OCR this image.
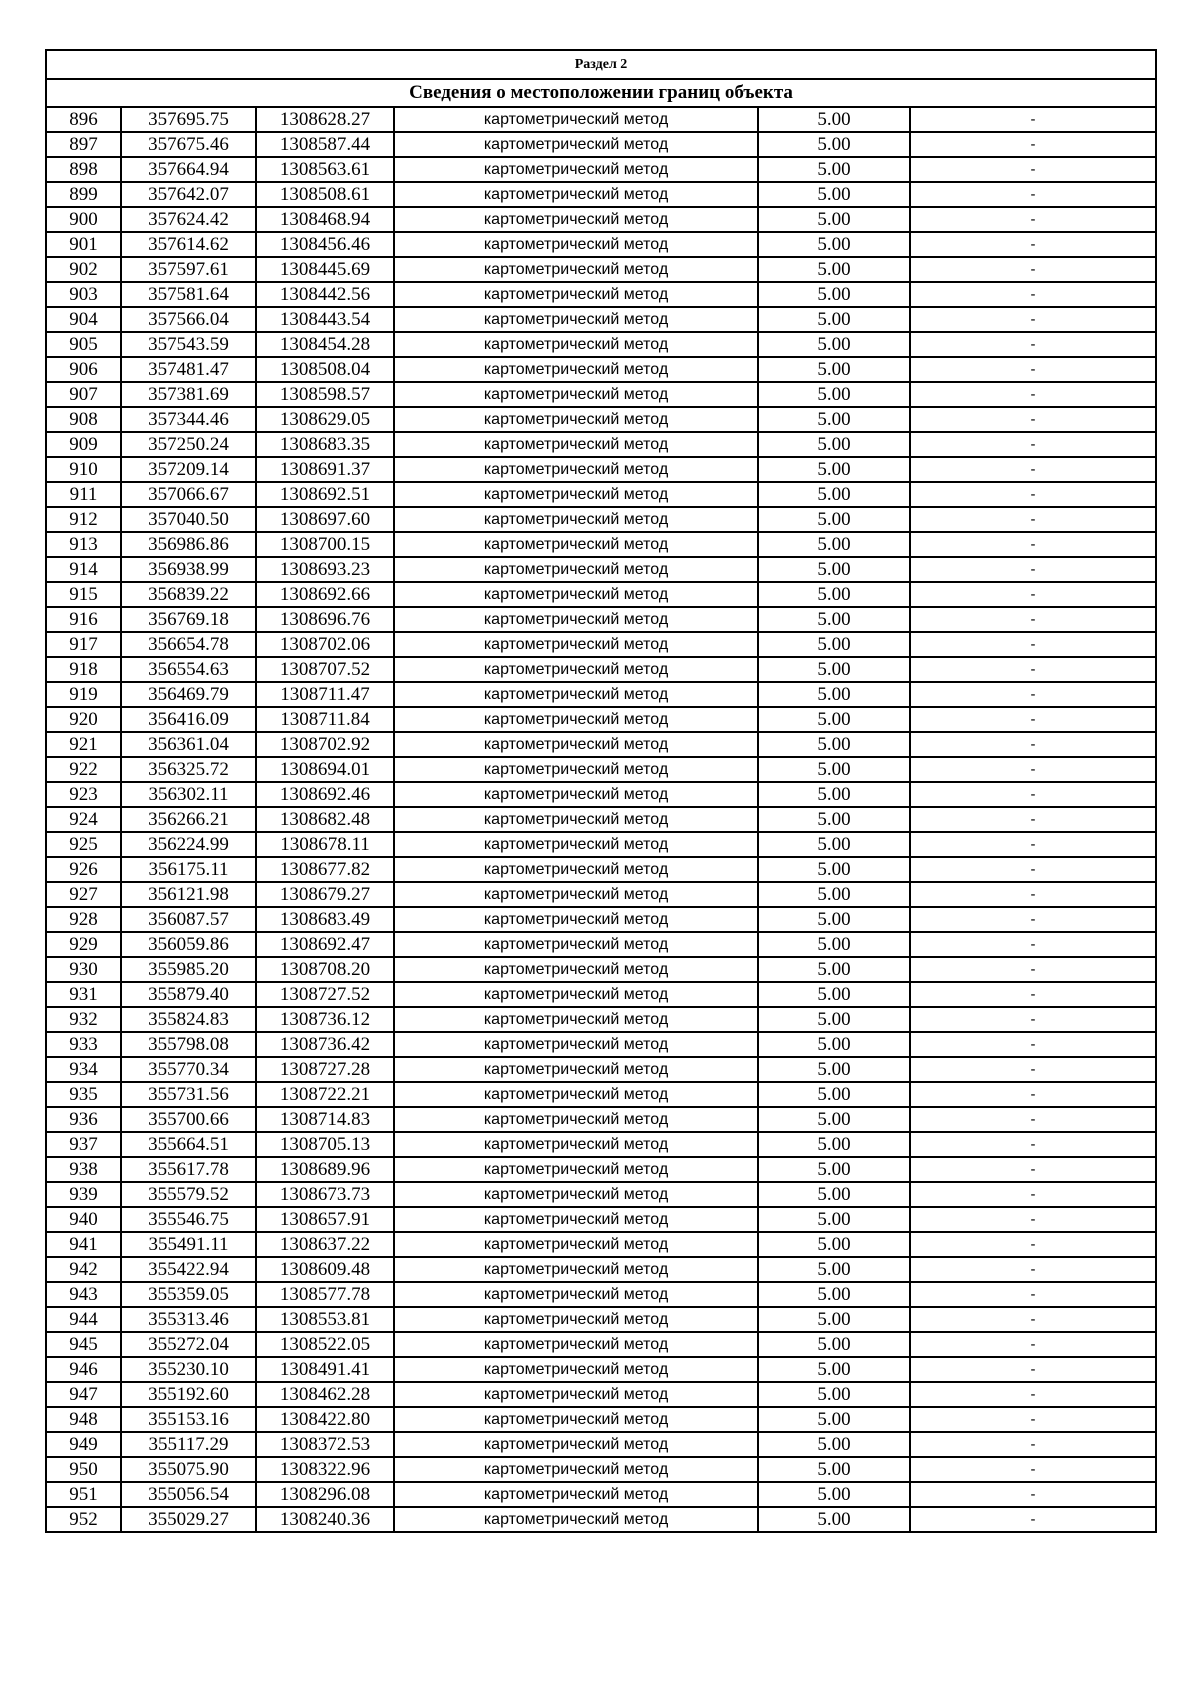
Раздел 2					
Сведения о местоположении границ объекта					
896	357695.75	1308628.27	картометрический метод	5.00	-
897	357675.46	1308587.44	картометрический метод	5.00	-
898	357664.94	1308563.61	картометрический метод	5.00	-
899	357642.07	1308508.61	картометрический метод	5.00	-
900	357624.42	1308468.94	картометрический метод	5.00	-
901	357614.62	1308456.46	картометрический метод	5.00	-
902	357597.61	1308445.69	картометрический метод	5.00	-
903	357581.64	1308442.56	картометрический метод	5.00	-
904	357566.04	1308443.54	картометрический метод	5.00	-
905	357543.59	1308454.28	картометрический метод	5.00	-
906	357481.47	1308508.04	картометрический метод	5.00	-
907	357381.69	1308598.57	картометрический метод	5.00	-
908	357344.46	1308629.05	картометрический метод	5.00	-
909	357250.24	1308683.35	картометрический метод	5.00	-
910	357209.14	1308691.37	картометрический метод	5.00	-
911	357066.67	1308692.51	картометрический метод	5.00	-
912	357040.50	1308697.60	картометрический метод	5.00	-
913	356986.86	1308700.15	картометрический метод	5.00	-
914	356938.99	1308693.23	картометрический метод	5.00	-
915	356839.22	1308692.66	картометрический метод	5.00	-
916	356769.18	1308696.76	картометрический метод	5.00	-
917	356654.78	1308702.06	картометрический метод	5.00	-
918	356554.63	1308707.52	картометрический метод	5.00	-
919	356469.79	1308711.47	картометрический метод	5.00	-
920	356416.09	1308711.84	картометрический метод	5.00	-
921	356361.04	1308702.92	картометрический метод	5.00	-
922	356325.72	1308694.01	картометрический метод	5.00	-
923	356302.11	1308692.46	картометрический метод	5.00	-
924	356266.21	1308682.48	картометрический метод	5.00	-
925	356224.99	1308678.11	картометрический метод	5.00	-
926	356175.11	1308677.82	картометрический метод	5.00	-
927	356121.98	1308679.27	картометрический метод	5.00	-
928	356087.57	1308683.49	картометрический метод	5.00	-
929	356059.86	1308692.47	картометрический метод	5.00	-
930	355985.20	1308708.20	картометрический метод	5.00	-
931	355879.40	1308727.52	картометрический метод	5.00	-
932	355824.83	1308736.12	картометрический метод	5.00	-
933	355798.08	1308736.42	картометрический метод	5.00	-
934	355770.34	1308727.28	картометрический метод	5.00	-
935	355731.56	1308722.21	картометрический метод	5.00	-
936	355700.66	1308714.83	картометрический метод	5.00	-
937	355664.51	1308705.13	картометрический метод	5.00	-
938	355617.78	1308689.96	картометрический метод	5.00	-
939	355579.52	1308673.73	картометрический метод	5.00	-
940	355546.75	1308657.91	картометрический метод	5.00	-
941	355491.11	1308637.22	картометрический метод	5.00	-
942	355422.94	1308609.48	картометрический метод	5.00	-
943	355359.05	1308577.78	картометрический метод	5.00	-
944	355313.46	1308553.81	картометрический метод	5.00	-
945	355272.04	1308522.05	картометрический метод	5.00	-
946	355230.10	1308491.41	картометрический метод	5.00	-
947	355192.60	1308462.28	картометрический метод	5.00	-
948	355153.16	1308422.80	картометрический метод	5.00	-
949	355117.29	1308372.53	картометрический метод	5.00	-
950	355075.90	1308322.96	картометрический метод	5.00	-
951	355056.54	1308296.08	картометрический метод	5.00	-
952	355029.27	1308240.36	картометрический метод	5.00	-
